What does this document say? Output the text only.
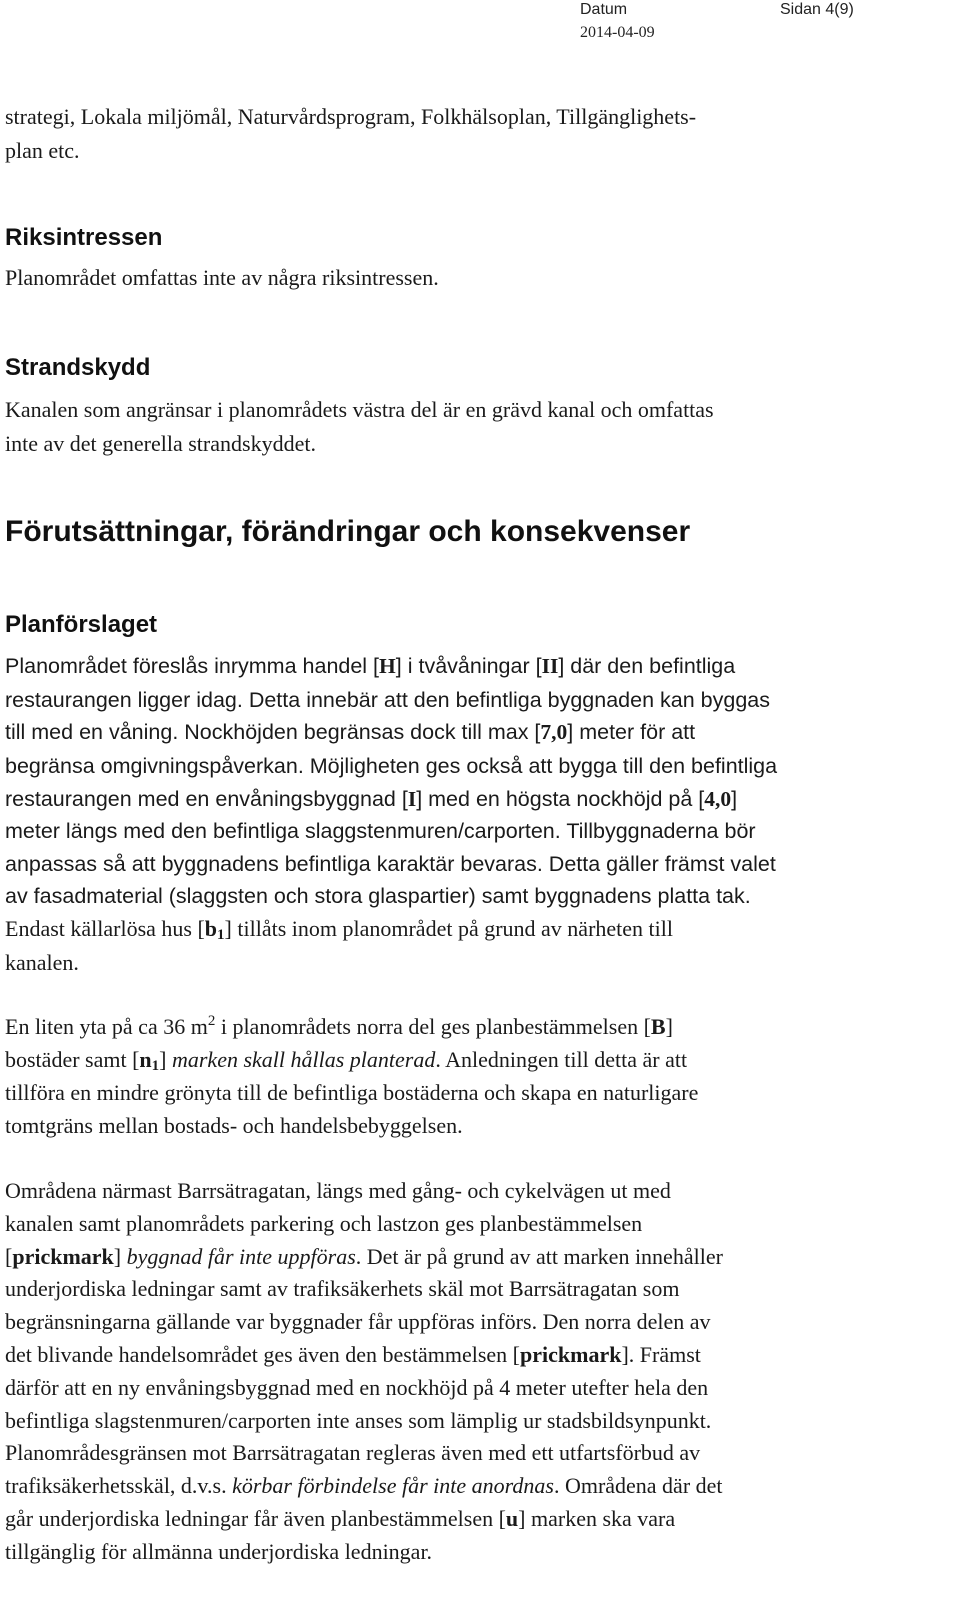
Datum
2014-04-09
Sidan 4(9)
strategi, Lokala miljömål, Naturvårdsprogram, Folkhälsoplan, Tillgänglighets-
plan etc.
Riksintressen
Planområdet omfattas inte av några riksintressen.
Strandskydd
Kanalen som angränsar i planområdets västra del är en grävd kanal och omfattas
inte av det generella strandskyddet.
Förutsättningar, förändringar och konsekvenser
Planförslaget
Planområdet föreslås inrymma handel [H] i tvåvåningar [II] där den befintliga
restaurangen ligger idag. Detta innebär att den befintliga byggnaden kan byggas
till med en våning. Nockhöjden begränsas dock till max [7,0] meter för att
begränsa omgivningspåverkan. Möjligheten ges också att bygga till den befintliga
restaurangen med en envåningsbyggnad [I] med en högsta nockhöjd på [4,0]
meter längs med den befintliga slaggstenmuren/carporten. Tillbyggnaderna bör
anpassas så att byggnadens befintliga karaktär bevaras. Detta gäller främst valet
av fasadmaterial (slaggsten och stora glaspartier) samt byggnadens platta tak.
Endast källarlösa hus $[b_1]$ tillåts inom planområdet på grund av närheten till
kanalen.
En liten yta på ca 36 $m^2$ i planområdets norra del ges planbestämmelsen [B]
bostäder samt $[n_1]$ marken skall hållas planterad. Anledningen till detta är att
tillföra en mindre grönyta till de befintliga bostäderna och skapa en naturligare
tomtgräns mellan bostads- och handelsbebyggelsen.
Områdena närmast Barrsätragatan, längs med gång- och cykelvägen ut med
kanalen samt planområdets parkering och lastzon ges planbestämmelsen
[prickmark] byggnad får inte uppföras. Det är på grund av att marken innehåller
underjordiska ledningar samt av trafiksäkerhets skäl mot Barrsätragatan som
begränsningarna gällande var byggnader får uppföras införs. Den norra delen av
det blivande handelsområdet ges även den bestämmelsen [prickmark]. Främst
därför att en ny envåningsbyggnad med en nockhöjd på 4 meter utefter hela den
befintliga slagstenmuren/carporten inte anses som lämplig ur stadsbildsynpunkt.
Planområdesgränsen mot Barrsätragatan regleras även med ett utfartsförbud av
trafiksäkerhetsskäl, d.v.s. körbar förbindelse får inte anordnas. Områdena där det
går underjordiska ledningar får även planbestämmelsen [u] marken ska vara
tillgänglig för allmänna underjordiska ledningar.
